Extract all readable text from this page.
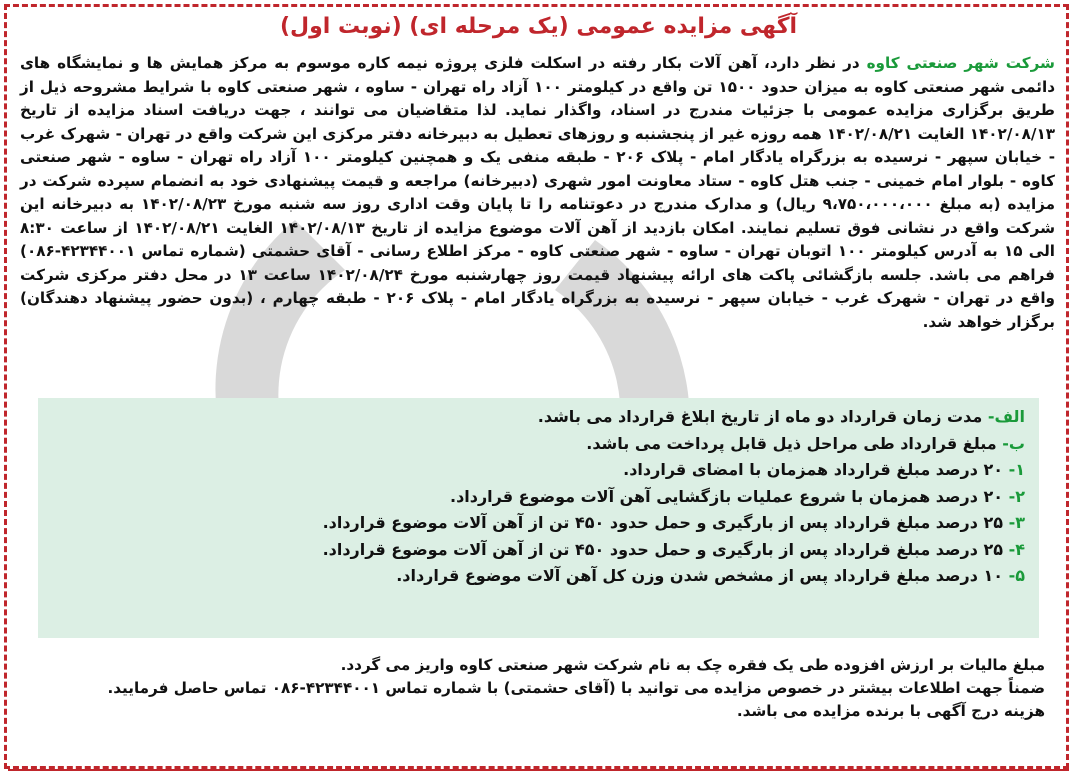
آگهی مزایده عمومی (یک مرحله ای) (نوبت اول)
شرکت شهر صنعتی کاوه در نظر دارد، آهن آلات بکار رفته در اسکلت فلزی پروژه نیمه کاره موسوم به مرکز همایش ها و نمایشگاه های دائمی شهر صنعتی کاوه به میزان حدود ۱۵۰۰ تن واقع در کیلومتر ۱۰۰ آزاد راه تهران - ساوه ، شهر صنعتی کاوه با شرایط مشروحه ذیل از طریق برگزاری مزایده عمومی با جزئیات مندرج در اسناد، واگذار نماید. لذا متقاضیان می توانند ، جهت دریافت اسناد مزایده از تاریخ ۱۴۰۲/۰۸/۱۳ الغایت ۱۴۰۲/۰۸/۲۱ همه روزه غیر از پنجشنبه و روزهای تعطیل به دبیرخانه دفتر مرکزی این شرکت واقع در تهران - شهرک غرب - خیابان سپهر - نرسیده به بزرگراه یادگار امام - پلاک ۲۰۶ - طبقه منفی یک و همچنین کیلومتر ۱۰۰ آزاد راه تهران - ساوه - شهر صنعتی کاوه - بلوار امام خمینی - جنب هتل کاوه - ستاد معاونت امور شهری (دبیرخانه) مراجعه و قیمت پیشنهادی خود به انضمام سپرده شرکت در مزایده (به مبلغ ۹،۷۵۰،۰۰۰،۰۰۰ ریال) و مدارک مندرج در دعوتنامه را تا پایان وقت اداری روز سه شنبه مورخ ۱۴۰۲/۰۸/۲۳ به دبیرخانه این شرکت واقع در نشانی فوق تسلیم نمایند. امکان بازدید از آهن آلات موضوع مزایده از تاریخ ۱۴۰۲/۰۸/۱۳ الغایت ۱۴۰۲/۰۸/۲۱ از ساعت ۸:۳۰ الی ۱۵ به آدرس کیلومتر ۱۰۰ اتوبان تهران - ساوه - شهر صنعتی کاوه - مرکز اطلاع رسانی - آقای حشمتی (شماره تماس ۴۲۳۴۴۰۰۱-۰۸۶) فراهم می باشد. جلسه بازگشائی پاکت های ارائه پیشنهاد قیمت روز چهارشنبه مورخ ۱۴۰۲/۰۸/۲۴ ساعت ۱۳ در محل دفتر مرکزی شرکت واقع در تهران - شهرک غرب - خیابان سپهر - نرسیده به بزرگراه یادگار امام - پلاک ۲۰۶ - طبقه چهارم ، (بدون حضور پیشنهاد دهندگان) برگزار خواهد شد.
الف- مدت زمان قرارداد دو ماه از تاریخ ابلاغ قرارداد می باشد.
ب- مبلغ قرارداد طی مراحل ذیل قابل پرداخت می باشد.
۱- ۲۰ درصد مبلغ قرارداد همزمان با امضای قرارداد.
۲- ۲۰ درصد همزمان با شروع عملیات بازگشایی آهن آلات موضوع قرارداد.
۳- ۲۵ درصد مبلغ قرارداد پس از بارگیری و حمل حدود ۴۵۰ تن از آهن آلات موضوع قرارداد.
۴- ۲۵ درصد مبلغ قرارداد پس از بارگیری و حمل حدود ۴۵۰ تن از آهن آلات موضوع قرارداد.
۵- ۱۰ درصد مبلغ قرارداد پس از مشخص شدن وزن کل آهن آلات موضوع قرارداد.

مبلغ مالیات بر ارزش افزوده طی یک فقره چک به نام شرکت شهر صنعتی کاوه واریز می گردد.

ضمناً جهت اطلاعات بیشتر در خصوص مزایده می توانید با (آقای حشمتی) با شماره تماس ۴۲۳۴۴۰۰۱-۰۸۶ تماس حاصل فرمایید.

هزینه درج آگهی با برنده مزایده می باشد.
